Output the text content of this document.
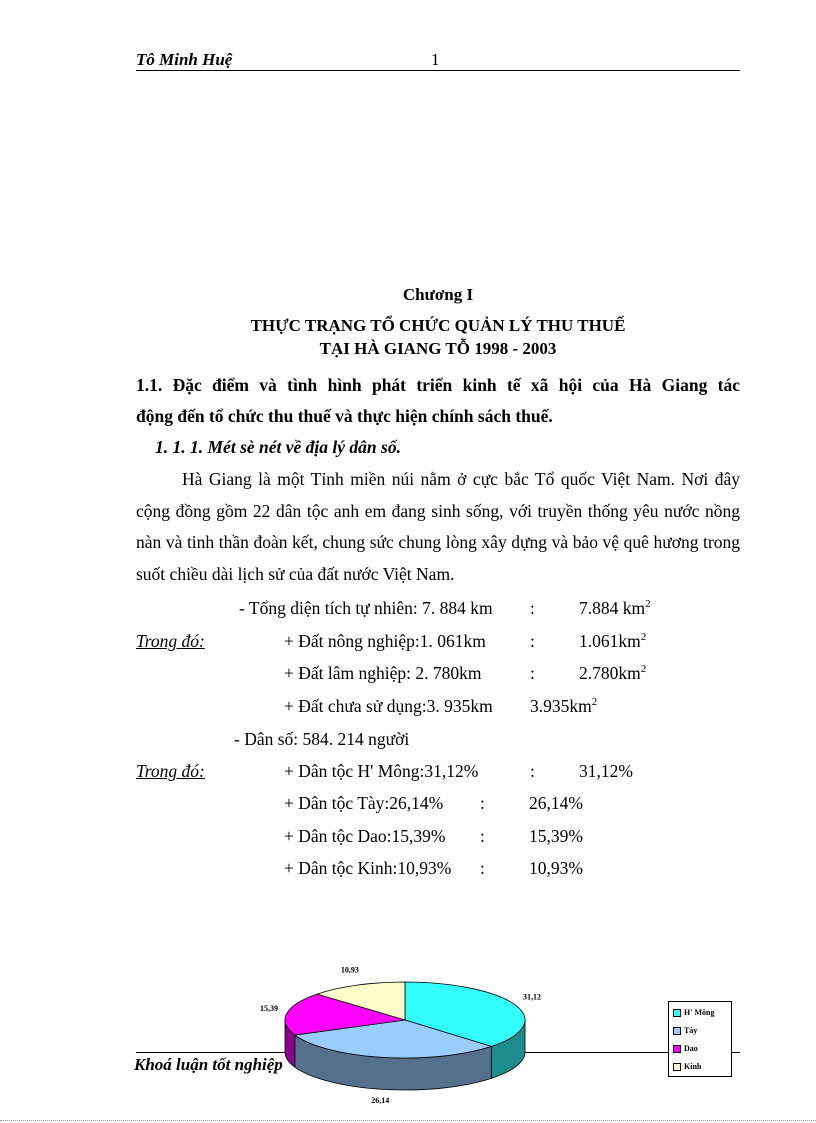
Tô Minh Huệ	1
Chương I
THỰC TRẠNG TỔ CHỨC QUẢN LÝ THU THUẾ
TẠI HÀ GIANG TỖ 1998 - 2003
1.1. Đặc điểm và tình hình phát triển kinh tế xã hội của Hà Giang tác
động đến tổ chức thu thuế và thực hiện chính sách thuế.
1. 1. 1. Mét sè nét về địa lý dân số.
Hà Giang là một Tỉnh miền núi nằm ở cực bắc Tổ quốc Việt Nam. Nơi đây cộng đồng gồm 22 dân tộc anh em đang sinh sống, với truyền thống yêu nước nồng nàn và tinh thần đoàn kết, chung sức chung lòng xây dựng và bảo vệ quê hương trong suốt chiều dài lịch sử của đất nước Việt Nam.
- Tổng diện tích tự nhiên: 7. 884 km :	7.884 $km^2$
Trong đó:	+ Đất nông nghiệp:1. 061km	:	$1.061km^2$
+ Đất lâm nghiệp: 2. 780km	:	$2.780km^2$
+ Đất chưa sử dụng:3. 935km $3.935km^2$
- Dân số: 584. 214 người
Trong đó:	+ Dân tộc H' Mông:31,12%	:	31,12%
+ Dân tộc Tày:26,14% :	26,14%
+ Dân tộc Dao:15,39% :	15,39%
+ Dân tộc Kinh:10,93% :	10,93%
Khoá luận tốt nghiệp
31,12
26,14
15,39
10,93
H' Mông
Tày
Dao
Kinh
